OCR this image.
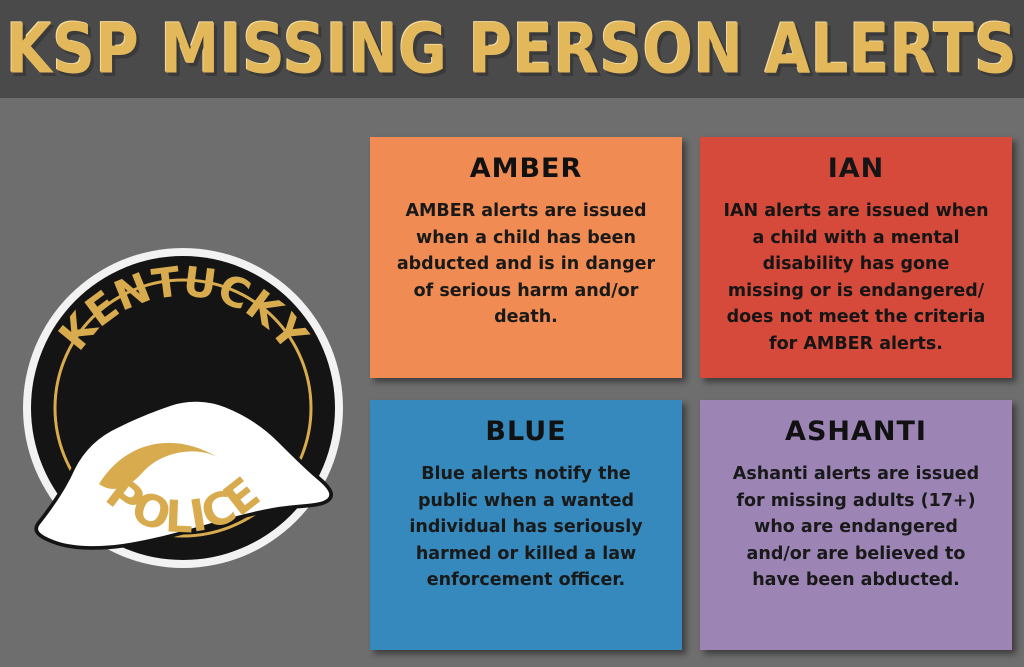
KSP MISSING PERSON ALERTS
KENTUCKY
POLICE
AMBER
AMBER alerts are issued when a child has been abducted and is in danger of serious harm and/or death.
IAN
IAN alerts are issued when a child with a mental disability has gone missing or is endangered/ does not meet the criteria for AMBER alerts.
BLUE
Blue alerts notify the public when a wanted individual has seriously harmed or killed a law enforcement officer.
ASHANTI
Ashanti alerts are issued for missing adults (17+) who are endangered and/or are believed to have been abducted.
